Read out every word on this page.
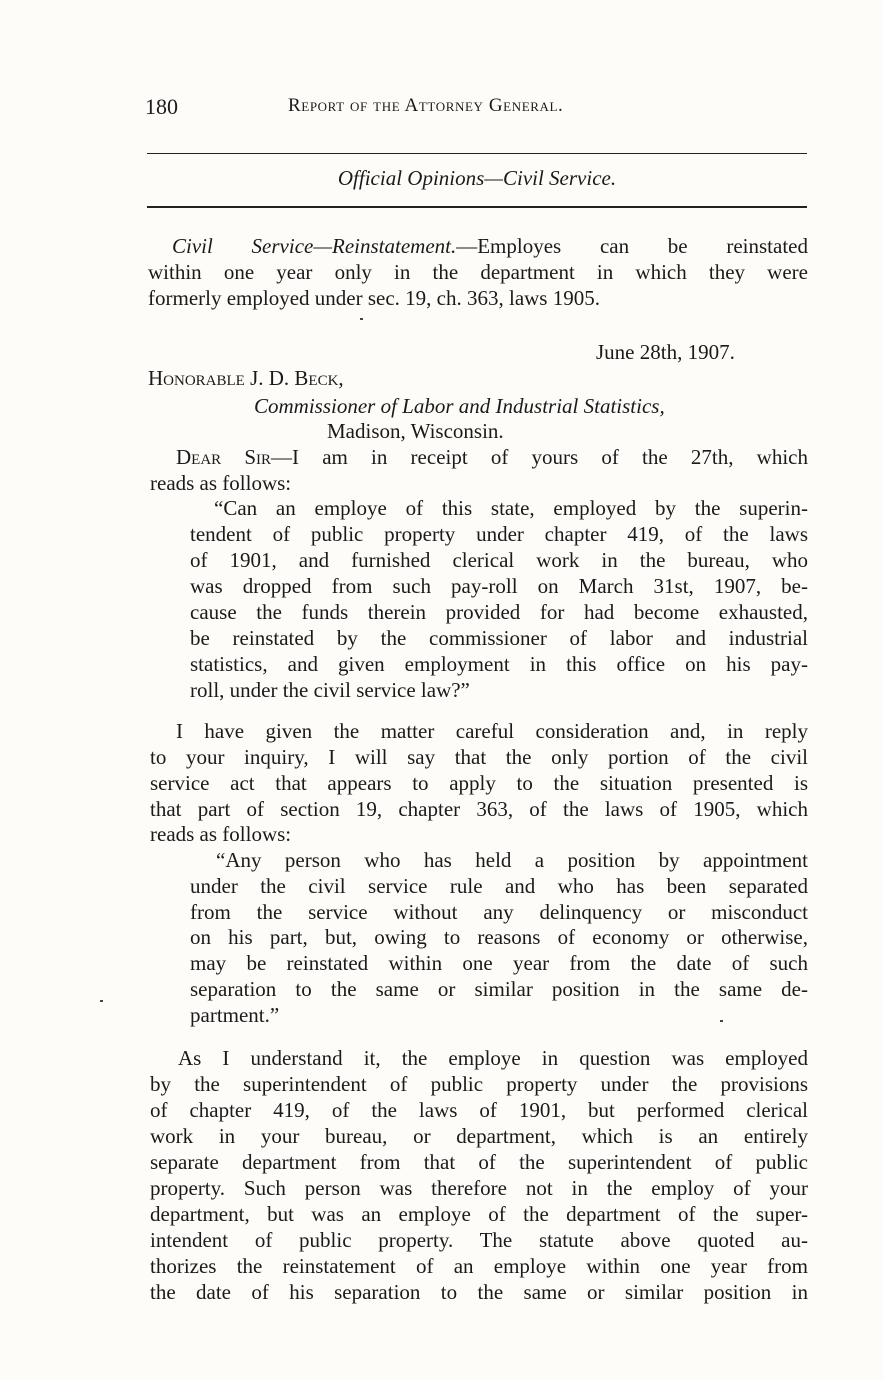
180	Report of the Attorney General.
Official Opinions—Civil Service.
Civil Service—Reinstatement.—Employes can be reinstated
within one year only in the department in which they were
formerly employed under sec. 19, ch. 363, laws 1905.
June 28th, 1907.
Honorable J. D. Beck,
Commissioner of Labor and Industrial Statistics,
Madison, Wisconsin.
Dear Sir—I am in receipt of yours of the 27th, which
reads as follows:
“Can an employe of this state, employed by the superin-
tendent of public property under chapter 419, of the laws
of 1901, and furnished clerical work in the bureau, who
was dropped from such pay-roll on March 31st, 1907, be-
cause the funds therein provided for had become exhausted,
be reinstated by the commissioner of labor and industrial
statistics, and given employment in this office on his pay-
roll, under the civil service law?”
I have given the matter careful consideration and, in reply
to your inquiry, I will say that the only portion of the civil
service act that appears to apply to the situation presented is
that part of section 19, chapter 363, of the laws of 1905, which
reads as follows:
“Any person who has held a position by appointment
under the civil service rule and who has been separated
from the service without any delinquency or misconduct
on his part, but, owing to reasons of economy or otherwise,
may be reinstated within one year from the date of such
separation to the same or similar position in the same de-
partment.”
As I understand it, the employe in question was employed
by the superintendent of public property under the provisions
of chapter 419, of the laws of 1901, but performed clerical
work in your bureau, or department, which is an entirely
separate department from that of the superintendent of public
property. Such person was therefore not in the employ of your
department, but was an employe of the department of the super-
intendent of public property. The statute above quoted au-
thorizes the reinstatement of an employe within one year from
the date of his separation to the same or similar position in
